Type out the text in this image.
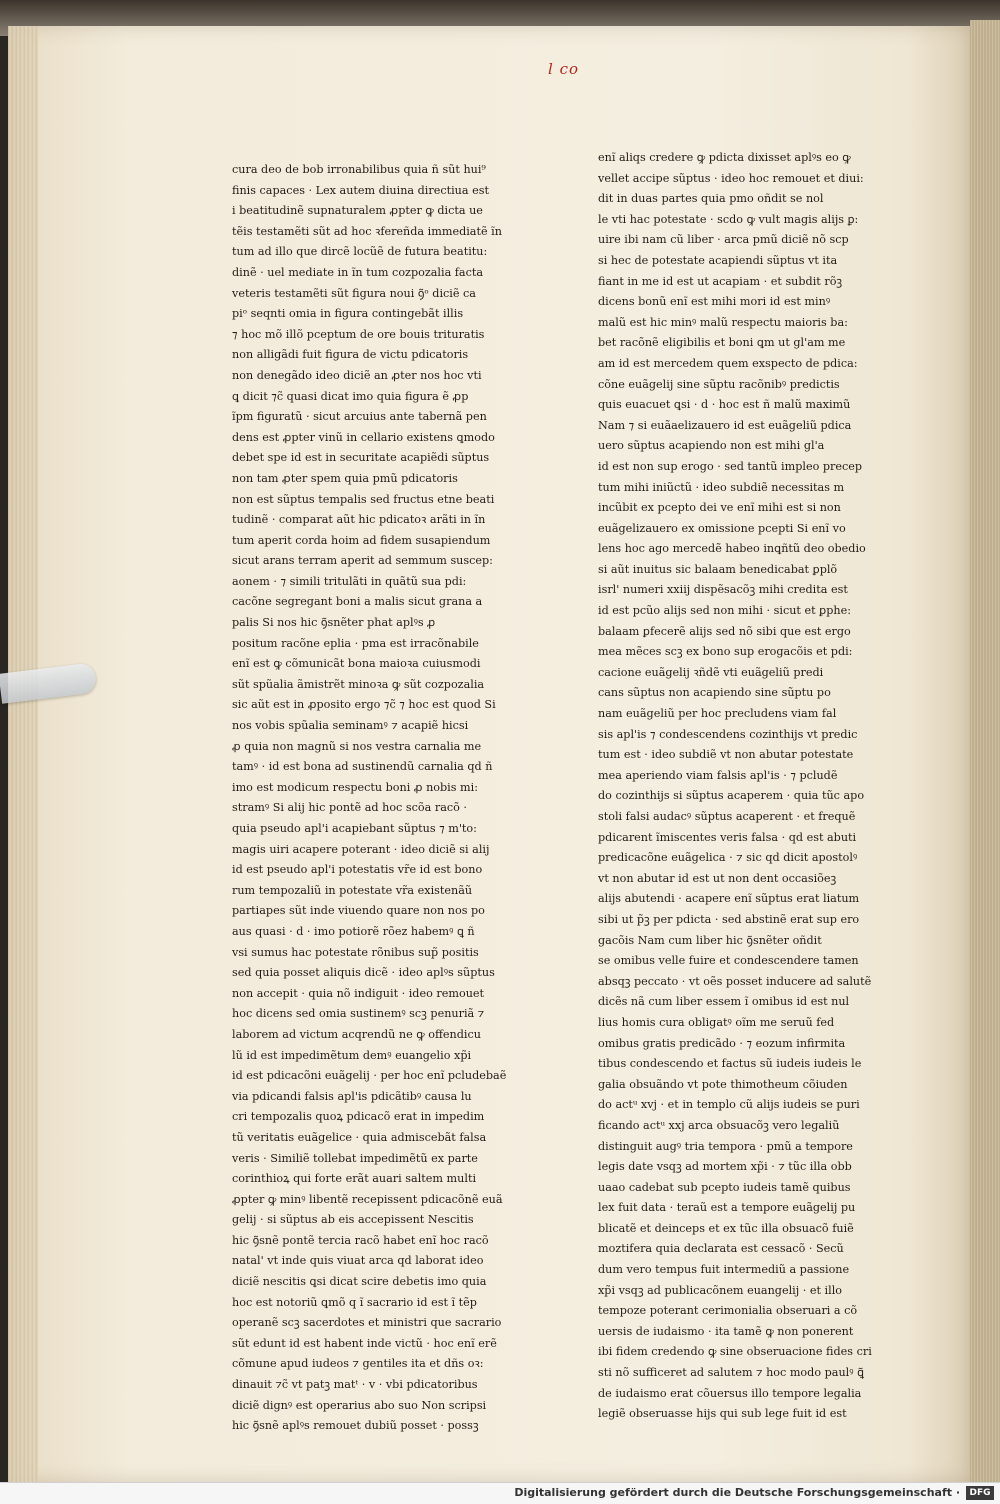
l co
cura deo de bob irronabilibus quia ñ sũt hui⁹
finis capaces · Lex autem diuina directiua est
i beatitudinẽ supnaturalem ꝓpter ꝙ dicta ue
tẽis testamẽti sũt ad hoc ꝛfereñda immediatẽ ĩn
tum ad illo que dircẽ locũẽ de futura beatitu:
dinẽ · uel mediate in ĩn tum cozpozalia facta
veteris testamẽti sũt figura noui ꝯ̃ᵒ diciẽ ca
piᵒ seqnti omia in figura contingebãt illis
⁊ hoc mõ illõ pceptum de ore bouis trituratis
non alligãdi fuit figura de victu pdicatoris
non denegãdo ideo diciẽ an ꝓter nos hoc vti
ꝗ dicit ⁊c̃ quasi dicat imo quia figura ẽ ꝓp
ĩpm figuratũ · sicut arcuius ante tabernã pen
dens est ꝓpter vinũ in cellario existens ꝗmodo
debet spe id est in securitate acapiẽdi sũptus
non tam ꝓter spem quia pmũ pdicatoris
non est sũptus tempalis sed fructus etne beati
tudinẽ · comparat aũt hic pdicatoꝛ arãti in ĩn
tum aperit corda hoim ad fidem susapiendum
sicut arans terram aperit ad semmum suscep:
aonem · ⁊ simili tritulãti in quãtũ sua pdi:
cacõne segregant boni a malis sicut grana a
palis Si nos hic ꝯ̃snẽter phat aplꝰs ꝓ
positum racõne eplia · pma est irracõnabile
enĩ est ꝙ cõmunicãt bona maioꝛa cuiusmodi
sũt spũalia ãmistrẽt minoꝛa ꝙ sũt cozpozalia
sic aũt est in ꝓposito ergo ⁊c̃ ⁊ hoc est quod Si
nos vobis spũalia seminamꝰ ⁊ acapiẽ hicsi
ꝓ quia non magnũ si nos vestra carnalia me
tamꝰ · id est bona ad sustinendũ carnalia qd ñ
imo est modicum respectu boni ꝓ nobis mi:
stramꝰ Si alij hic pontẽ ad hoc scõa racõ ·
quia pseudo apl'i acapiebant sũptus ⁊ m'to:
magis uiri acapere poterant · ideo diciẽ si alij
id est pseudo apl'i potestatis vr̃e id est bono
rum tempozaliũ in potestate vr̃a existenãũ
partiapes sũt inde viuendo quare non nos po
aus quasi · d · imo potiorẽ rõez habemꝰ ꝗ ñ
vsi sumus hac potestate rõnibus sup̃ positis
sed quia posset aliquis dicẽ · ideo aplꝰs sũptus
non accepit · quia nõ indiguit · ideo remouet
hoc dicens sed omia sustinemꝰ scꝫ penuriã ⁊
laborem ad victum acqrendũ ne ꝙ offendicu
lũ id est impedimẽtum demꝰ euangelio xp̃i
id est pdicacõni euãgelij · per hoc enĩ pcludebaẽ
via pdicandi falsis apl'is pdicãtibꝰ causa lu
cri tempozalis quoꝝ pdicacõ erat in impedim
tũ veritatis euãgelice · quia admiscebãt falsa
veris · Similiẽ tollebat impedimẽtũ ex parte
corinthioꝝ qui forte erãt auari saltem multi
ꝓpter ꝙ minꝰ libentẽ recepissent pdicacõnẽ euã
gelij · si sũptus ab eis accepissent Nescitis
hic ꝯ̃snẽ pontẽ tercia racõ habet enĩ hoc racõ
natal' vt inde quis viuat arca qd laborat ideo
diciẽ nescitis ꝗsi dicat scire debetis imo quia
hoc est notoriũ ꝗmõ q ĩ sacrario id est ĩ tẽp
operanẽ scꝫ sacerdotes et ministri que sacrario
sũt edunt id est habent inde victũ · hoc enĩ erẽ
cõmune apud iudeos ⁊ gentiles ita et dñs oꝛ:
dinauit ⁊c̃ vt patꝫ matᵗ · v · vbi pdicatoribus
diciẽ dignꝰ est operarius abo suo Non scripsi
hic ꝯ̃snẽ aplꝰs remouet dubiũ posset · possꝫ
enĩ aliqs credere ꝙ pdicta dixisset aplꝰs eo ꝙ
vellet accipe sũptus · ideo hoc remouet et diui:
dit in duas partes quia pmo oñdit se nol
le vti hac potestate · scdo ꝙ vult magis alijs ꝑ:
uire ibi nam cũ liber · arca pmũ diciẽ nõ scp
si hec de potestate acapiendi sũptus vt ita
fiant in me id est ut acapiam · et subdit rõꝫ
dicens bonũ enĩ est mihi mori id est minꝰ
malũ est hic minꝰ malũ respectu maioris ba:
bet racõnẽ eligibilis et boni ꝗm ut gl'am me
am id est mercedem quem exspecto de pdica:
cõne euãgelij sine sũptu racõnibꝰ predictis
quis euacuet ꝗsi · d · hoc est ñ malũ maximũ
Nam ⁊ si euãaelizauero id est euãgeliũ pdica
uero sũptus acapiendo non est mihi gl'a
id est non sup erogo · sed tantũ impleo precep
tum mihi iniũctũ · ideo subdiẽ necessitas m
incũbit ex pcepto dei ve enĩ mihi est si non
euãgelizauero ex omissione pcepti Si enĩ vo
lens hoc ago mercedẽ habeo inꝗñtũ deo obedio
si aũt inuitus sic balaam benedicabat ꝑplõ
isrl' numeri xxiij dispẽsacõꝫ mihi credita est
id est pcũo alijs sed non mihi · sicut et ꝑphe:
balaam ꝑfecerẽ alijs sed nõ sibi que est ergo
mea mẽces scꝫ ex bono sup erogacõis et pdi:
cacione euãgelij ꝛñdẽ vti euãgeliũ predi
cans sũptus non acapiendo sine sũptu po
nam euãgeliũ per hoc precludens viam fal
sis apl'is ⁊ condescendens cozinthijs vt predic
tum est · ideo subdiẽ vt non abutar potestate
mea aperiendo viam falsis apl'is · ⁊ pcludẽ
do cozinthijs si sũptus acaperem · quia tũc apo
stoli falsi audacꝰ sũptus acaperent · et frequẽ
pdicarent ĩmiscentes veris falsa · qd est abuti
predicacõne euãgelica · ⁊ sic qd dicit apostolꝰ
vt non abutar id est ut non dent occasiõeꝫ
alijs abutendi · acapere enĩ sũptus erat liatum
sibi ut p̃ꝫ per pdicta · sed abstinẽ erat sup ero
gacõis Nam cum liber hic ꝯ̃snẽter oñdit
se omibus velle fuire et condescendere tamen
absqꝫ peccato · vt oẽs posset inducere ad salutẽ
dicẽs nã cum liber essem ĩ omibus id est nul
lius homis cura obligatꝰ oĩm me seruũ fed
omibus gratis predicãdo · ⁊ eozum infirmita
tibus condescendo et factus sũ iudeis iudeis le
galia obsuãndo vt pote thimotheum cõiuden
do actᵘ xvj · et in templo cũ alijs iudeis se puri
ficando actᵘ xxj arca obsuacõꝫ vero legaliũ
distinguit augꝰ tria tempora · pmũ a tempore
legis date vsqꝫ ad mortem xp̃i · ⁊ tũc illa obb
uaao cadebat sub pcepto iudeis tamẽ quibus
lex fuit data · teraũ est a tempore euãgelij pu
blicatẽ et deinceps et ex tũc illa obsuacõ fuiẽ
moztifera quia declarata est cessacõ · Secũ
dum vero tempus fuit intermediũ a passione
xp̃i vsqꝫ ad publicacõnem euangelij · et illo
tempoze poterant cerimonialia obseruari a cõ
uersis de iudaismo · ita tamẽ ꝙ non ponerent
ibi fidem credendo ꝙ sine obseruacione fides cri
sti nõ sufficeret ad salutem ⁊ hoc modo paulꝰ ꝗ̃
de iudaismo erat cõuersus illo tempore legalia
legiẽ obseruasse hijs qui sub lege fuit id est
Digitalisierung gefördert durch die Deutsche Forschungsgemeinschaft ·	DFG
